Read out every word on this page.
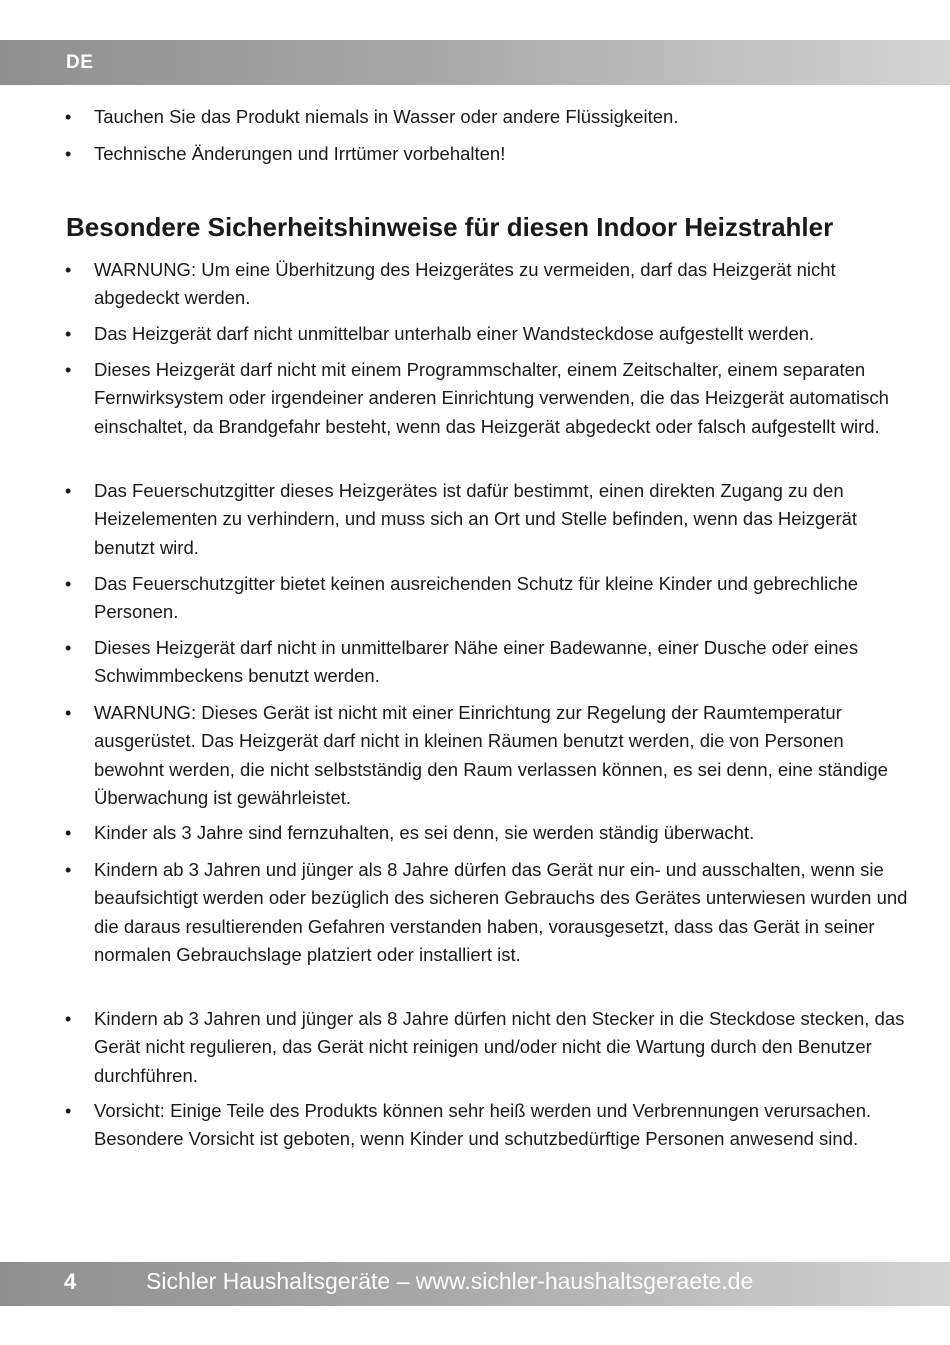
DE
• Tauchen Sie das Produkt niemals in Wasser oder andere Flüssigkeiten.
• Technische Änderungen und Irrtümer vorbehalten!
Besondere Sicherheitshinweise für diesen Indoor Heizstrahler
• WARNUNG: Um eine Überhitzung des Heizgerätes zu vermeiden, darf das Heizgerät nicht abgedeckt werden.
• Das Heizgerät darf nicht unmittelbar unterhalb einer Wandsteckdose aufgestellt werden.
• Dieses Heizgerät darf nicht mit einem Programmschalter, einem Zeitschalter, einem separaten Fernwirksystem oder irgendeiner anderen Einrichtung verwenden, die das Heizgerät automatisch einschaltet, da Brandgefahr besteht, wenn das Heizgerät abgedeckt oder falsch aufgestellt wird.
• Das Feuerschutzgitter dieses Heizgerätes ist dafür bestimmt, einen direkten Zugang zu den Heizelementen zu verhindern, und muss sich an Ort und Stelle befinden, wenn das Heizgerät benutzt wird.
• Das Feuerschutzgitter bietet keinen ausreichenden Schutz für kleine Kinder und gebrechliche Personen.
• Dieses Heizgerät darf nicht in unmittelbarer Nähe einer Badewanne, einer Dusche oder eines Schwimmbeckens benutzt werden.
• WARNUNG: Dieses Gerät ist nicht mit einer Einrichtung zur Regelung der Raumtemperatur ausgerüstet. Das Heizgerät darf nicht in kleinen Räumen benutzt werden, die von Personen bewohnt werden, die nicht selbstständig den Raum verlassen können, es sei denn, eine ständige Überwachung ist gewährleistet.
• Kinder als 3 Jahre sind fernzuhalten, es sei denn, sie werden ständig überwacht.
• Kindern ab 3 Jahren und jünger als 8 Jahre dürfen das Gerät nur ein- und ausschalten, wenn sie beaufsichtigt werden oder bezüglich des sicheren Gebrauchs des Gerätes unterwiesen wurden und die daraus resultierenden Gefahren verstanden haben, vorausgesetzt, dass das Gerät in seiner normalen Gebrauchslage platziert oder installiert ist.
• Kindern ab 3 Jahren und jünger als 8 Jahre dürfen nicht den Stecker in die Steckdose stecken, das Gerät nicht regulieren, das Gerät nicht reinigen und/oder nicht die Wartung durch den Benutzer durchführen.
• Vorsicht: Einige Teile des Produkts können sehr heiß werden und Verbrennungen verursachen. Besondere Vorsicht ist geboten, wenn Kinder und schutzbedürftige Personen anwesend sind.
4	Sichler Haushaltsgeräte – www.sichler-haushaltsgeraete.de
